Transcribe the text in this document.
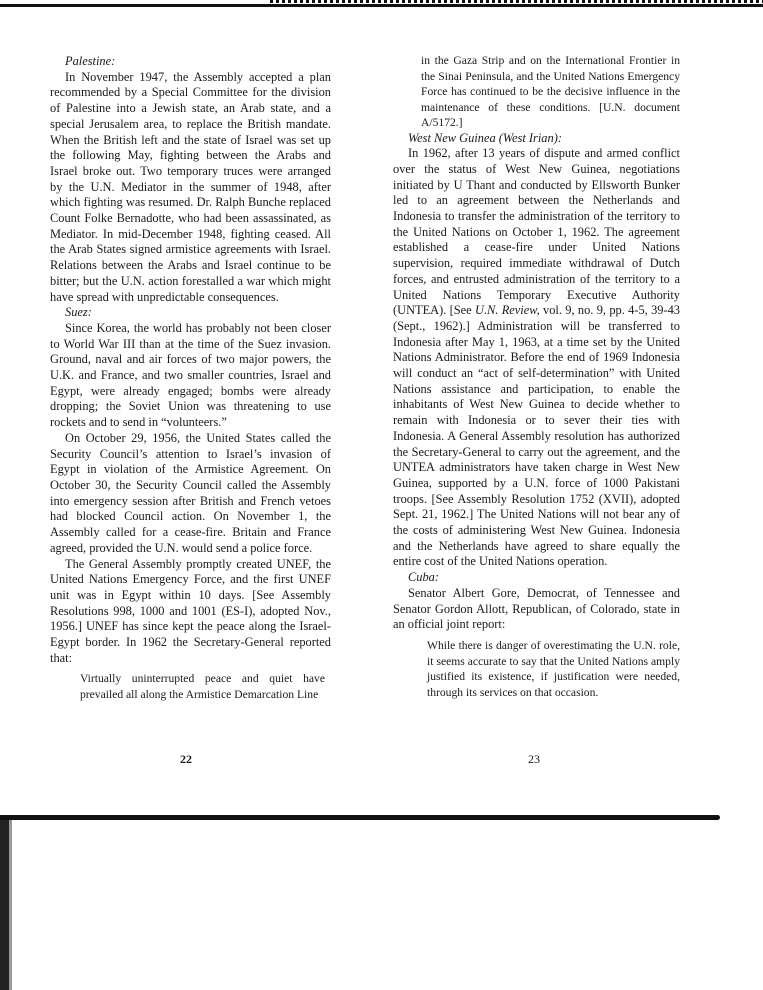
Palestine:

In November 1947, the Assembly accepted a plan recommended by a Special Committee for the division of Palestine into a Jewish state, an Arab state, and a special Jerusalem area, to replace the British mandate. When the British left and the state of Israel was set up the following May, fighting between the Arabs and Israel broke out. Two temporary truces were arranged by the U.N. Mediator in the summer of 1948, after which fighting was resumed. Dr. Ralph Bunche replaced Count Folke Bernadotte, who had been assassinated, as Mediator. In mid-December 1948, fighting ceased. All the Arab States signed armistice agreements with Israel. Relations between the Arabs and Israel continue to be bitter; but the U.N. action forestalled a war which might have spread with unpredictable consequences.

Suez:

Since Korea, the world has probably not been closer to World War III than at the time of the Suez invasion. Ground, naval and air forces of two major powers, the U.K. and France, and two smaller countries, Israel and Egypt, were already engaged; bombs were already dropping; the Soviet Union was threatening to use rockets and to send in “volunteers.”

On October 29, 1956, the United States called the Security Council’s attention to Israel’s invasion of Egypt in violation of the Armistice Agreement. On October 30, the Security Council called the Assembly into emergency session after British and French vetoes had blocked Council action. On November 1, the Assembly called for a cease-fire. Britain and France agreed, provided the U.N. would send a police force.

The General Assembly promptly created UNEF, the United Nations Emergency Force, and the first UNEF unit was in Egypt within 10 days. [See Assembly Resolutions 998, 1000 and 1001 (ES-I), adopted Nov., 1956.] UNEF has since kept the peace along the Israel-Egypt border. In 1962 the Secretary-General reported that:

Virtually uninterrupted peace and quiet have prevailed all along the Armistice Demarcation Line

in the Gaza Strip and on the International Frontier in the Sinai Peninsula, and the United Nations Emergency Force has continued to be the decisive influence in the maintenance of these conditions. [U.N. document A/5172.]

West New Guinea (West Irian):

In 1962, after 13 years of dispute and armed conflict over the status of West New Guinea, negotiations initiated by U Thant and conducted by Ellsworth Bunker led to an agreement between the Netherlands and Indonesia to transfer the administration of the territory to the United Nations on October 1, 1962. The agreement established a cease-fire under United Nations supervision, required immediate withdrawal of Dutch forces, and entrusted administration of the territory to a United Nations Temporary Executive Authority (UNTEA). [See U.N. Review, vol. 9, no. 9, pp. 4-5, 39-43 (Sept., 1962).] Administration will be transferred to Indonesia after May 1, 1963, at a time set by the United Nations Administrator. Before the end of 1969 Indonesia will conduct an “act of self-determination” with United Nations assistance and participation, to enable the inhabitants of West New Guinea to decide whether to remain with Indonesia or to sever their ties with Indonesia. A General Assembly resolution has authorized the Secretary-General to carry out the agreement, and the UNTEA administrators have taken charge in West New Guinea, supported by a U.N. force of 1000 Pakistani troops. [See Assembly Resolution 1752 (XVII), adopted Sept. 21, 1962.] The United Nations will not bear any of the costs of administering West New Guinea. Indonesia and the Netherlands have agreed to share equally the entire cost of the United Nations operation.

Cuba:

Senator Albert Gore, Democrat, of Tennessee and Senator Gordon Allott, Republican, of Colorado, state in an official joint report:

While there is danger of overestimating the U.N. role, it seems accurate to say that the United Nations amply justified its existence, if justification were needed, through its services on that occasion.

22	23
